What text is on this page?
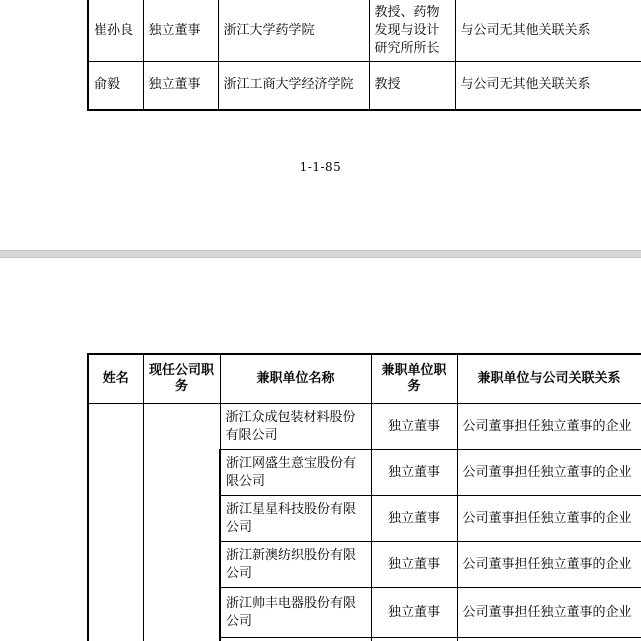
崔孙良	独立董事	浙江大学药学院	教授、药物发现与设计研究所所长	与公司无其他关联关系
俞毅	独立董事	浙江工商大学经济学院	教授	与公司无其他关联关系
1-1-85
姓名	现任公司职务	兼职单位名称	兼职单位职务	兼职单位与公司关联关系
		浙江众成包装材料股份有限公司	独立董事	公司董事担任独立董事的企业
		浙江网盛生意宝股份有限公司	独立董事	公司董事担任独立董事的企业
		浙江星星科技股份有限公司	独立董事	公司董事担任独立董事的企业
		浙江新澳纺织股份有限公司	独立董事	公司董事担任独立董事的企业
		浙江帅丰电器股份有限公司	独立董事	公司董事担任独立董事的企业
